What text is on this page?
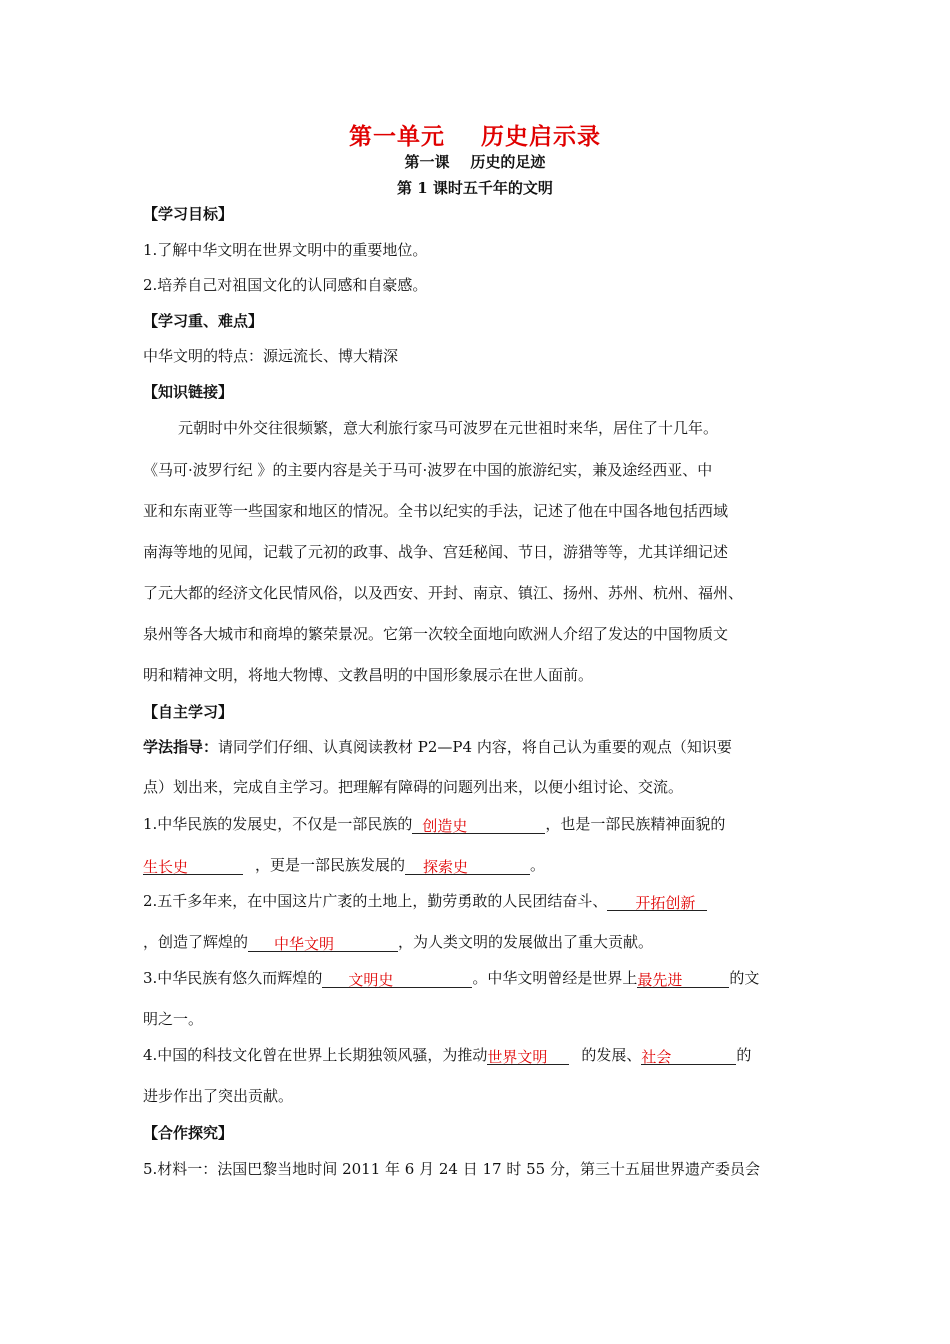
第一单元    历史启示录
第一课    历史的足迹
第 1 课时五千年的文明
【学习目标】
1.了解中华文明在世界文明中的重要地位。
2.培养自己对祖国文化的认同感和自豪感。
【学习重、难点】
中华文明的特点：源远流长、博大精深
【知识链接】
元朝时中外交往很频繁，意大利旅行家马可波罗在元世祖时来华，居住了十几年。
《马可·波罗行纪 》的主要内容是关于马可·波罗在中国的旅游纪实，兼及途经西亚、中
亚和东南亚等一些国家和地区的情况。全书以纪实的手法，记述了他在中国各地包括西域
南海等地的见闻，记载了元初的政事、战争、宫廷秘闻、节日，游猎等等，尤其详细记述
了元大都的经济文化民情风俗，以及西安、开封、南京、镇江、扬州、苏州、杭州、福州、
泉州等各大城市和商埠的繁荣景况。它第一次较全面地向欧洲人介绍了发达的中国物质文
明和精神文明，将地大物博、文教昌明的中国形象展示在世人面前。
【自主学习】
学法指导：请同学们仔细、认真阅读教材 P2—P4 内容，将自己认为重要的观点（知识要
点）划出来，完成自主学习。把理解有障碍的问题列出来，以便小组讨论、交流。
1.中华民族的发展史，不仅是一部民族的 创造史	，也是一部民族精神面貌的
生长史	，更是一部民族发展的 探索史	。
2.五千多年来，在中国这片广袤的土地上，勤劳勇敢的人民团结奋斗、 开拓创新
，创造了辉煌的 中华文明	，为人类文明的发展做出了重大贡献。
3.中华民族有悠久而辉煌的 文明史	。中华文明曾经是世界上最先进	的文
明之一。
4.中国的科技文化曾在世界上长期独领风骚，为推动世界文明 的发展、社会	的
进步作出了突出贡献。
【合作探究】
5.材料一：法国巴黎当地时间 2011 年 6 月 24 日 17 时 55 分，第三十五届世界遗产委员会
